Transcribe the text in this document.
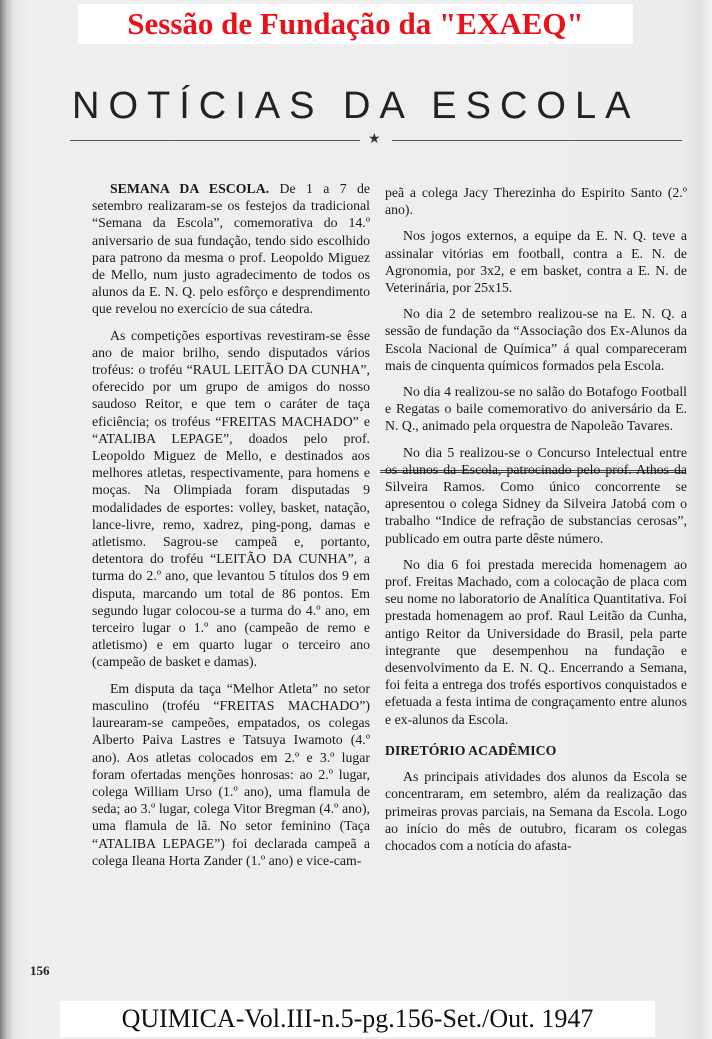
Sessão de Fundação da "EXAEQ"
NOTÍCIAS DA ESCOLA
★

SEMANA DA ESCOLA. De 1 a 7 de setembro realizaram-se os festejos da tradicional “Semana da Escola”, comemorativa do 14.º aniversario de sua fundação, tendo sido escolhido para patrono da mesma o prof. Leopoldo Miguez de Mello, num justo agradecimento de todos os alunos da E. N. Q. pelo esfôrço e desprendimento que revelou no exercício de sua cátedra.

As competições esportivas revestiram-se êsse ano de maior brilho, sendo disputados vários troféus: o troféu “RAUL LEITÃO DA CUNHA”, oferecido por um grupo de amigos do nosso saudoso Reitor, e que tem o caráter de taça eficiência; os troféus “FREITAS MACHADO” e “ATALIBA LEPAGE”, doados pelo prof. Leopoldo Miguez de Mello, e destinados aos melhores atletas, respectivamente, para homens e moças. Na Olimpiada foram disputadas 9 modalidades de esportes: volley, basket, natação, lance-livre, remo, xadrez, ping-pong, damas e atletismo. Sagrou-se campeã e, portanto, detentora do troféu “LEITÃO DA CUNHA”, a turma do 2.º ano, que levantou 5 títulos dos 9 em disputa, marcando um total de 86 pontos. Em segundo lugar colocou-se a turma do 4.º ano, em terceiro lugar o 1.º ano (campeão de remo e atletismo) e em quarto lugar o terceiro ano (campeão de basket e damas).

Em disputa da taça “Melhor Atleta” no setor masculino (troféu “FREITAS MACHADO”) laurearam-se campeões, empatados, os colegas Alberto Paiva Lastres e Tatsuya Iwamoto (4.º ano). Aos atletas colocados em 2.º e 3.º lugar foram ofertadas menções honrosas: ao 2.º lugar, colega William Urso (1.º ano), uma flamula de seda; ao 3.º lugar, colega Vitor Bregman (4.º ano), uma flamula de lã. No setor feminino (Taça “ATALIBA LEPAGE”) foi declarada campeã a colega Ileana Horta Zander (1.º ano) e vice-cam-

peã a colega Jacy Therezinha do Espirito Santo (2.º ano).

Nos jogos externos, a equipe da E. N. Q. teve a assinalar vitórias em football, contra a E. N. de Agronomia, por 3x2, e em basket, contra a E. N. de Veterinária, por 25x15.

No dia 2 de setembro realizou-se na E. N. Q. a sessão de fundação da “Associação dos Ex-Alunos da Escola Nacional de Química” á qual compareceram mais de cinquenta químicos formados pela Escola.

No dia 4 realizou-se no salão do Botafogo Football e Regatas o baile comemorativo do aniversário da E. N. Q., animado pela orquestra de Napoleão Tavares.

No dia 5 realizou-se o Concurso Intelectual entre os alunos da Escola, patrocinado pelo prof. Athos da Silveira Ramos. Como único concorrente se apresentou o colega Sidney da Silveira Jatobá com o trabalho “Indice de refração de substancias cerosas”, publicado em outra parte dêste número.

No dia 6 foi prestada merecida homenagem ao prof. Freitas Machado, com a colocação de placa com seu nome no laboratorio de Analítica Quantitativa. Foi prestada homenagem ao prof. Raul Leitão da Cunha, antigo Reitor da Universidade do Brasil, pela parte integrante que desempenhou na fundação e desenvolvimento da E. N. Q.. Encerrando a Semana, foi feita a entrega dos trofés esportivos conquistados e efetuada a festa intima de congraçamento entre alunos e ex-alunos da Escola.

DIRETÓRIO ACADÊMICO

As principais atividades dos alunos da Escola se concentraram, em setembro, além da realização das primeiras provas parciais, na Semana da Escola. Logo ao início do mês de outubro, ficaram os colegas chocados com a notícia do afasta-

156
QUIMICA-Vol.III-n.5-pg.156-Set./Out. 1947
